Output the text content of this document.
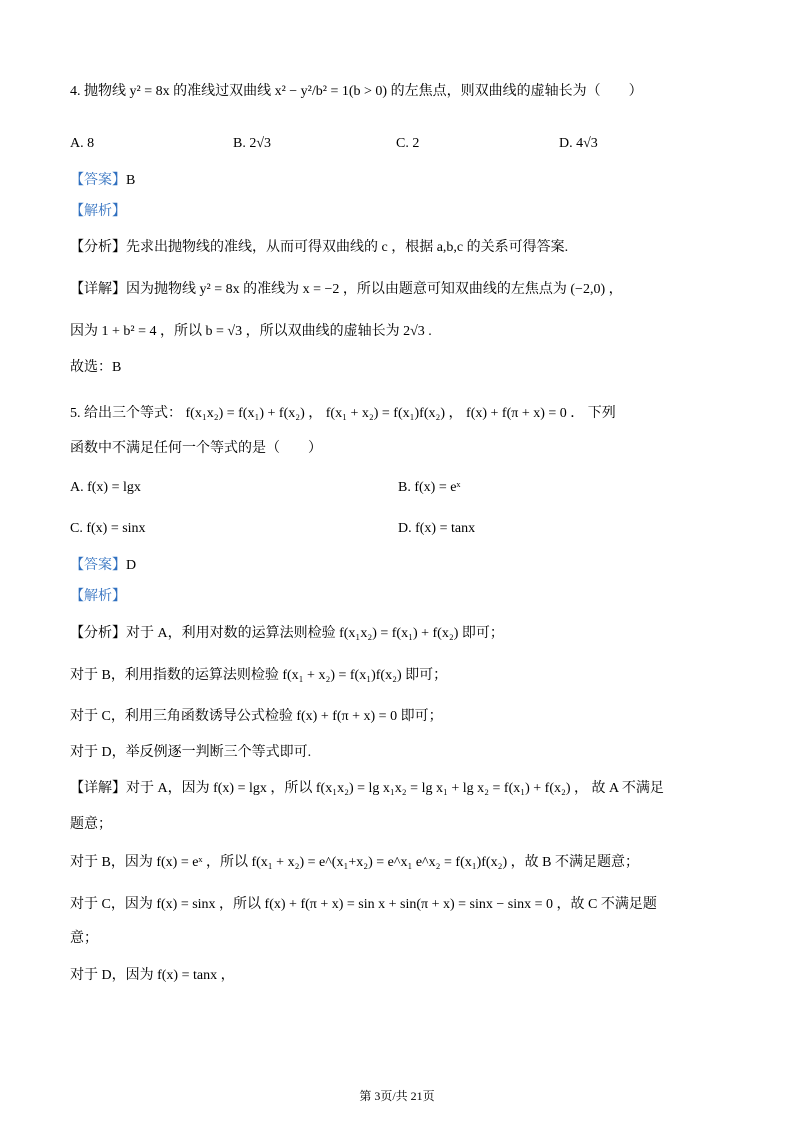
4. 抛物线 y² = 8x 的准线过双曲线 x² − y²/b² = 1(b > 0) 的左焦点，则双曲线的虚轴长为（　　）
A. 8	B. 2√3	C. 2	D. 4√3
【答案】B
【解析】
【分析】先求出抛物线的准线，从而可得双曲线的 c ，根据 a,b,c 的关系可得答案.
【详解】因为抛物线 y² = 8x 的准线为 x = −2 ，所以由题意可知双曲线的左焦点为 (−2,0) ，
因为 1 + b² = 4 ，所以 b = √3 ，所以双曲线的虚轴长为 2√3 .
故选：B
5. 给出三个等式： f(x₁x₂) = f(x₁) + f(x₂) ， f(x₁ + x₂) = f(x₁)f(x₂) ， f(x) + f(π + x) = 0 ． 下列
函数中不满足任何一个等式的是（　　）
A. f(x) = lgx	B. f(x) = eˣ
C. f(x) = sinx	D. f(x) = tanx
【答案】D
【解析】
【分析】对于 A，利用对数的运算法则检验 f(x₁x₂) = f(x₁) + f(x₂) 即可；
对于 B，利用指数的运算法则检验 f(x₁ + x₂) = f(x₁)f(x₂) 即可；
对于 C，利用三角函数诱导公式检验 f(x) + f(π + x) = 0 即可；
对于 D，举反例逐一判断三个等式即可.
【详解】对于 A，因为 f(x) = lgx ，所以 f(x₁x₂) = lg x₁x₂ = lg x₁ + lg x₂ = f(x₁) + f(x₂) ， 故 A 不满足
题意；
对于 B，因为 f(x) = eˣ ，所以 f(x₁ + x₂) = e^(x₁+x₂) = e^x₁ e^x₂ = f(x₁)f(x₂) ，故 B 不满足题意；
对于 C，因为 f(x) = sinx ，所以 f(x) + f(π + x) = sin x + sin(π + x) = sinx − sinx = 0 ，故 C 不满足题
意；
对于 D，因为 f(x) = tanx ，
第 3页/共 21页
